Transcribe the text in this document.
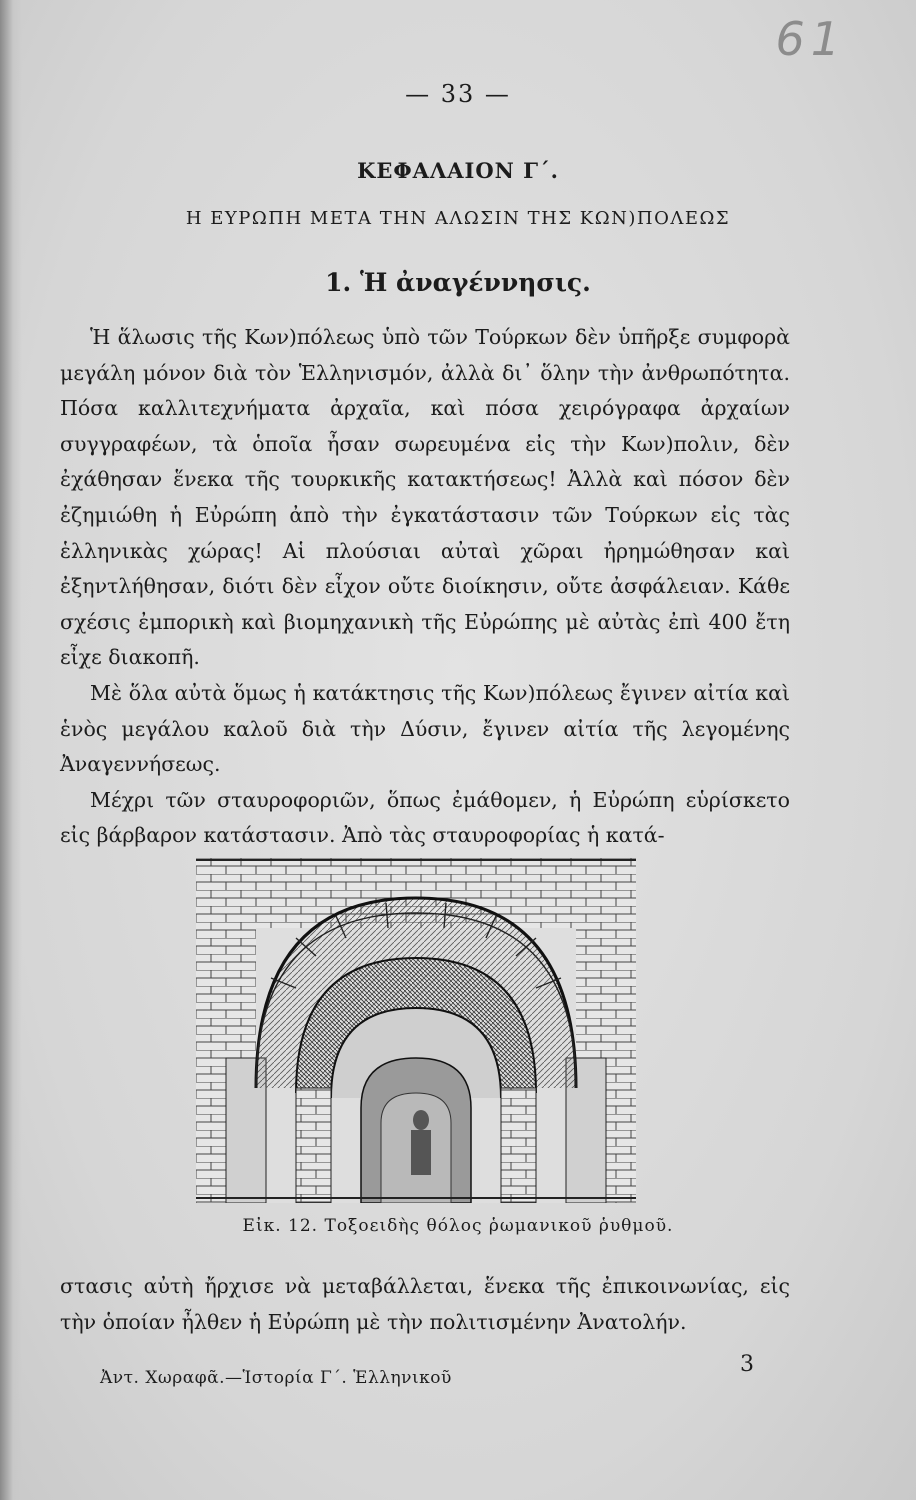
61
— 33 —
ΚΕΦΑΛΑΙΟΝ Γ΄.
Η ΕΥΡΩΠΗ ΜΕΤΑ ΤΗΝ ΑΛΩΣΙΝ ΤΗΣ ΚΩΝ)ΠΟΛΕΩΣ
1. Ἡ ἀναγέννησις.

Ἡ ἅλωσις τῆς Κων)πόλεως ὑπὸ τῶν Τούρκων δὲν ὑπῆρξε συμφορὰ μεγάλη μόνον διὰ τὸν Ἑλληνισμόν, ἀλλὰ δι᾿ ὅλην τὴν ἀνθρωπότητα. Πόσα καλλιτεχνήματα ἀρχαῖα, καὶ πόσα χειρόγραφα ἀρχαίων συγγραφέων, τὰ ὁποῖα ἦσαν σωρευμένα εἰς τὴν Κων)πολιν, δὲν ἐχάθησαν ἕνεκα τῆς τουρκικῆς κατακτήσεως! Ἀλλὰ καὶ πόσον δὲν ἐζημιώθη ἡ Εὐρώπη ἀπὸ τὴν ἐγκατάστασιν τῶν Τούρκων εἰς τὰς ἑλληνικὰς χώρας! Αἱ πλούσιαι αὐταὶ χῶραι ἠρημώθησαν καὶ ἐξηντλήθησαν, διότι δὲν εἶχον οὔτε διοίκησιν, οὔτε ἀσφάλειαν. Κάθε σχέσις ἐμπορικὴ καὶ βιομηχανικὴ τῆς Εὐρώπης μὲ αὐτὰς ἐπὶ 400 ἔτη εἶχε διακοπῆ.

Μὲ ὅλα αὐτὰ ὅμως ἡ κατάκτησις τῆς Κων)πόλεως ἔγινεν αἰτία καὶ ἑνὸς μεγάλου καλοῦ διὰ τὴν Δύσιν, ἔγινεν αἰτία τῆς λεγομένης Ἀναγεννήσεως.

Μέχρι τῶν σταυροφοριῶν, ὅπως ἐμάθομεν, ἡ Εὐρώπη εὑρίσκετο εἰς βάρβαρον κατάστασιν. Ἀπὸ τὰς σταυροφορίας ἡ κατά-

Εἰκ. 12. Τοξοειδὴς θόλος ῥωμανικοῦ ῥυθμοῦ.

στασις αὐτὴ ἤρχισε νὰ μεταβάλλεται, ἕνεκα τῆς ἐπικοινωνίας, εἰς τὴν ὁποίαν ἦλθεν ἡ Εὐρώπη μὲ τὴν πολιτισμένην Ἀνατολήν.

Ἀντ. Χωραφᾶ.—Ἱστορία Γ΄. Ἑλληνικοῦ
3
